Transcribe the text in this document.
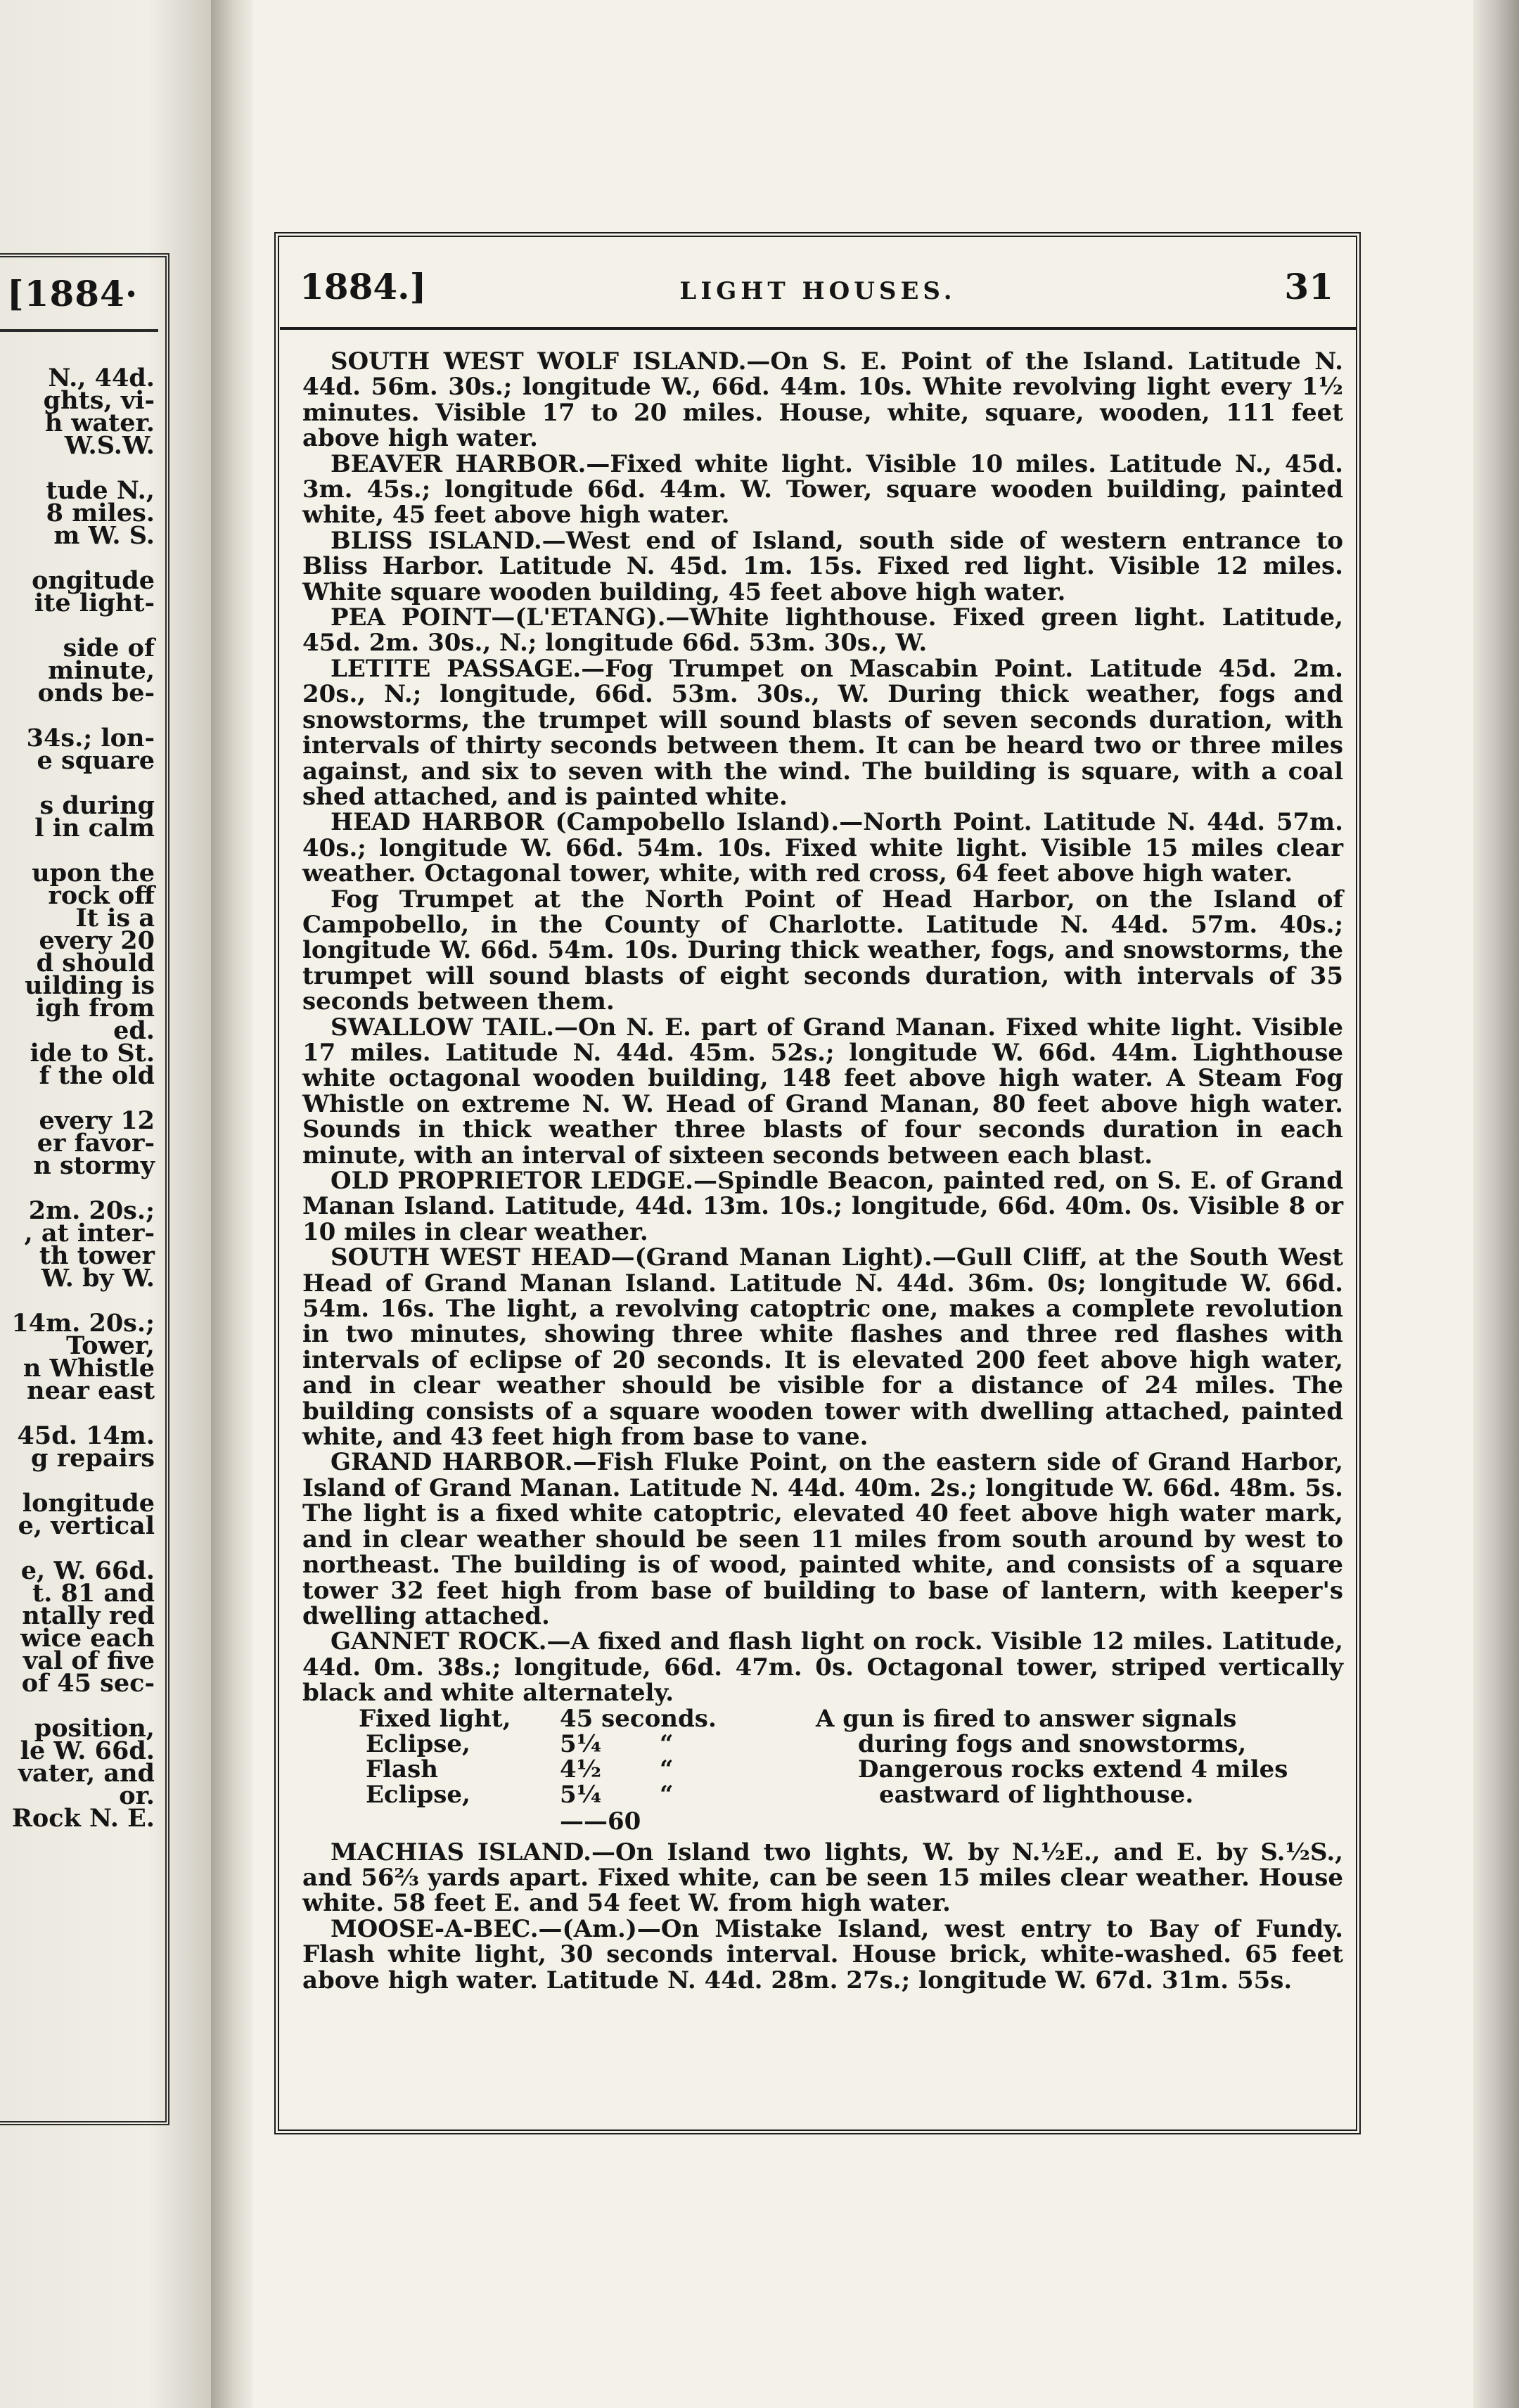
[1884·
N., 44d.
ghts, vi-
h water.
W.S.W.
tude N.,
8 miles.
m W. S.
ongitude
ite light-
side of
minute,
onds be-
34s.; lon-
e square
s during
l in calm
upon the
rock off
It is a
every 20
d should
uilding is
igh from
ed.
ide to St.
f the old
every 12
er favor-
n stormy
2m. 20s.;
, at inter-
th tower
W. by W.
14m. 20s.;
Tower,
n Whistle
near east
45d. 14m.
g repairs
longitude
e, vertical
e, W. 66d.
t. 81 and
ntally red
wice each
val of five
of 45 sec-
position,
le W. 66d.
vater, and
or.
Rock N. E.
1884.]	LIGHT HOUSES.	31

SOUTH WEST WOLF ISLAND.—On S. E. Point of the Island. Latitude N. 44d. 56m. 30s.; longitude W., 66d. 44m. 10s. White revolving light every 1½ minutes. Visible 17 to 20 miles. House, white, square, wooden, 111 feet above high water.

BEAVER HARBOR.—Fixed white light. Visible 10 miles. Latitude N., 45d. 3m. 45s.; longitude 66d. 44m. W. Tower, square wooden building, painted white, 45 feet above high water.

BLISS ISLAND.—West end of Island, south side of western entrance to Bliss Harbor. Latitude N. 45d. 1m. 15s. Fixed red light. Visible 12 miles. White square wooden building, 45 feet above high water.

PEA POINT—(L'ETANG).—White lighthouse. Fixed green light. Latitude, 45d. 2m. 30s., N.; longitude 66d. 53m. 30s., W.

LETITE PASSAGE.—Fog Trumpet on Mascabin Point. Latitude 45d. 2m. 20s., N.; longitude, 66d. 53m. 30s., W. During thick weather, fogs and snowstorms, the trumpet will sound blasts of seven seconds duration, with intervals of thirty seconds between them. It can be heard two or three miles against, and six to seven with the wind. The building is square, with a coal shed attached, and is painted white.

HEAD HARBOR (Campobello Island).—North Point. Latitude N. 44d. 57m. 40s.; longitude W. 66d. 54m. 10s. Fixed white light. Visible 15 miles clear weather. Octagonal tower, white, with red cross, 64 feet above high water.

Fog Trumpet at the North Point of Head Harbor, on the Island of Campobello, in the County of Charlotte. Latitude N. 44d. 57m. 40s.; longitude W. 66d. 54m. 10s. During thick weather, fogs, and snowstorms, the trumpet will sound blasts of eight seconds duration, with intervals of 35 seconds between them.

SWALLOW TAIL.—On N. E. part of Grand Manan. Fixed white light. Visible 17 miles. Latitude N. 44d. 45m. 52s.; longitude W. 66d. 44m. Lighthouse white octagonal wooden building, 148 feet above high water. A Steam Fog Whistle on extreme N. W. Head of Grand Manan, 80 feet above high water. Sounds in thick weather three blasts of four seconds duration in each minute, with an interval of sixteen seconds between each blast.

OLD PROPRIETOR LEDGE.—Spindle Beacon, painted red, on S. E. of Grand Manan Island. Latitude, 44d. 13m. 10s.; longitude, 66d. 40m. 0s. Visible 8 or 10 miles in clear weather.

SOUTH WEST HEAD—(Grand Manan Light).—Gull Cliff, at the South West Head of Grand Manan Island. Latitude N. 44d. 36m. 0s; longitude W. 66d. 54m. 16s. The light, a revolving catoptric one, makes a complete revolution in two minutes, showing three white flashes and three red flashes with intervals of eclipse of 20 seconds. It is elevated 200 feet above high water, and in clear weather should be visible for a distance of 24 miles. The building consists of a square wooden tower with dwelling attached, painted white, and 43 feet high from base to vane.

GRAND HARBOR.—Fish Fluke Point, on the eastern side of Grand Harbor, Island of Grand Manan. Latitude N. 44d. 40m. 2s.; longitude W. 66d. 48m. 5s. The light is a fixed white catoptric, elevated 40 feet above high water mark, and in clear weather should be seen 11 miles from south around by west to northeast. The building is of wood, painted white, and consists of a square tower 32 feet high from base of building to base of lantern, with keeper's dwelling attached.

GANNET ROCK.—A fixed and flash light on rock. Visible 12 miles. Latitude, 44d. 0m. 38s.; longitude, 66d. 47m. 0s. Octagonal tower, striped vertically black and white alternately.

Fixed light, 45 seconds.	A gun is fired to answer signals
Eclipse,	5¼       “	during fogs and snowstorms,
Flash	4½       “	Dangerous rocks extend 4 miles
Eclipse,	5¼       “	eastward of lighthouse.
——60

MACHIAS ISLAND.—On Island two lights, W. by N.½E., and E. by S.½S., and 56⅔ yards apart. Fixed white, can be seen 15 miles clear weather. House white. 58 feet E. and 54 feet W. from high water.

MOOSE-A-BEC.—(Am.)—On Mistake Island, west entry to Bay of Fundy. Flash white light, 30 seconds interval. House brick, white-washed. 65 feet above high water. Latitude N. 44d. 28m. 27s.; longitude W. 67d. 31m. 55s.
